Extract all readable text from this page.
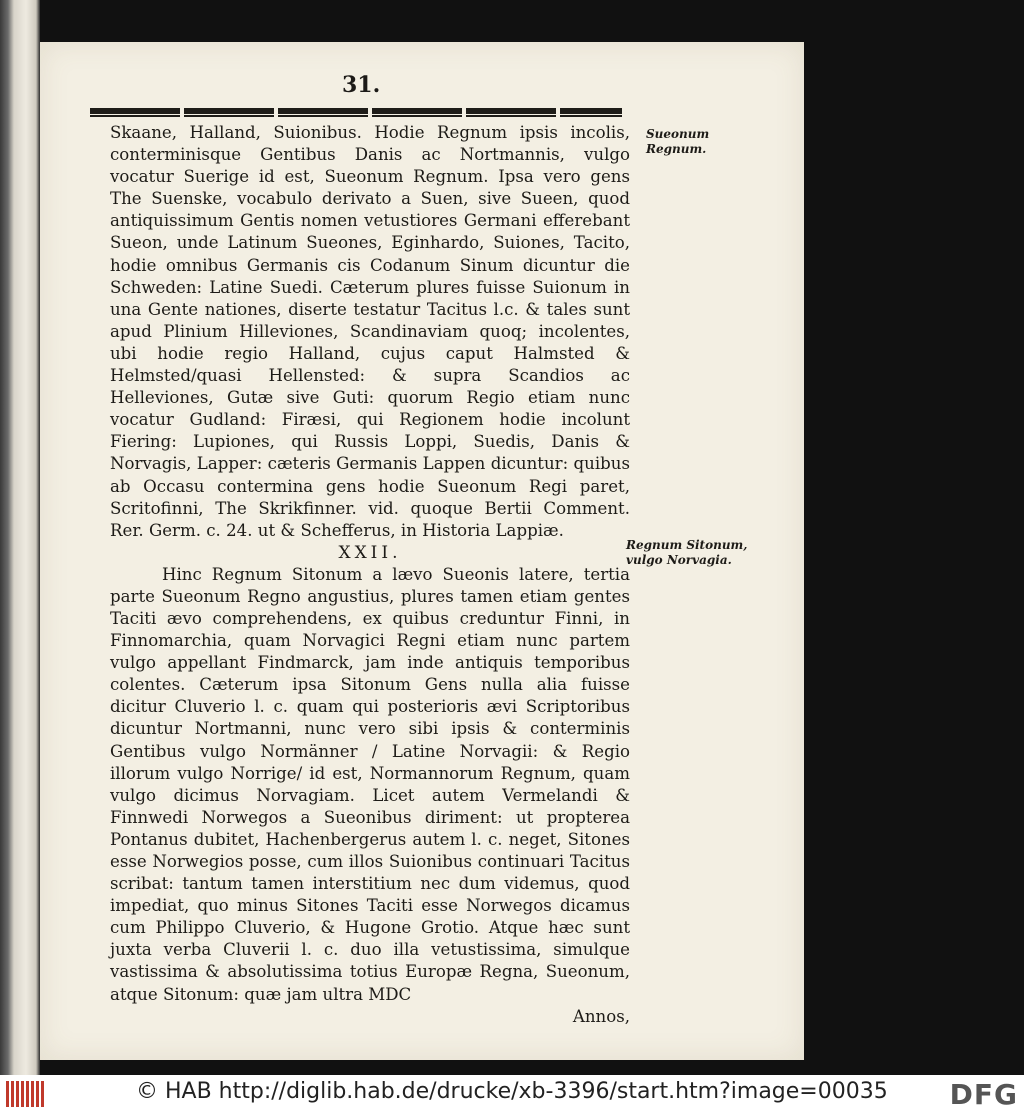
31.

Skaane, Halland, Suionibus. Hodie Regnum ipsis incolis, conterminisque Gentibus Danis ac Nortmannis, vulgo vocatur Suerige id est, Sueonum Regnum. Ipsa vero gens The Suenske, vocabulo derivato a Suen, sive Sueen, quod antiquissimum Gentis nomen vetustiores Germani efferebant Sueon, unde Latinum Sueones, Eginhardo, Suiones, Tacito, hodie omnibus Germanis cis Codanum Sinum dicuntur die Schweden: Latine Suedi. Cæterum plures fuisse Suionum in una Gente nationes, diserte testatur Tacitus l.c. & tales sunt apud Plinium Hilleviones, Scandinaviam quoq; incolentes, ubi hodie regio Halland, cujus caput Halmsted & Helmsted/quasi Hellensted: & supra Scandios ac Helleviones, Gutæ sive Guti: quorum Regio etiam nunc vocatur Gudland: Firæsi, qui Regionem hodie incolunt Fiering: Lupiones, qui Russis Loppi, Suedis, Danis & Norvagis, Lapper: cæteris Germanis Lappen dicuntur: quibus ab Occasu contermina gens hodie Sueonum Regi paret, Scritofinni, The Skrikfinner. vid. quoque Bertii Comment. Rer. Germ. c. 24. ut & Schefferus, in Historia Lappiæ.

XXII.

Hinc Regnum Sitonum a lævo Sueonis latere, tertia parte Sueonum Regno angustius, plures tamen etiam gentes Taciti ævo comprehendens, ex quibus creduntur Finni, in Finnomarchia, quam Norvagici Regni etiam nunc partem vulgo appellant Findmarck, jam inde antiquis temporibus colentes. Cæterum ipsa Sitonum Gens nulla alia fuisse dicitur Cluverio l. c. quam qui posterioris ævi Scriptoribus dicuntur Nortmanni, nunc vero sibi ipsis & conterminis Gentibus vulgo Normänner / Latine Norvagii: & Regio illorum vulgo Norrige/ id est, Normannorum Regnum, quam vulgo dicimus Norvagiam. Licet autem Vermelandi & Finnwedi Norwegos a Sueonibus diriment: ut propterea Pontanus dubitet, Hachenbergerus autem l. c. neget, Sitones esse Norwegios posse, cum illos Suionibus continuari Tacitus scribat: tantum tamen interstitium nec dum videmus, quod impediat, quo minus Sitones Taciti esse Norwegos dicamus cum Philippo Cluverio, & Hugone Grotio. Atque hæc sunt juxta verba Cluverii l. c. duo illa vetustissima, simulque vastissima & absolutissima totius Europæ Regna, Sueonum, atque Sitonum: quæ jam ultra MDC

Annos,

Sueonum Regnum.
Regnum Sitonum, vulgo Norvagia.
© HAB http://diglib.hab.de/drucke/xb-3396/start.htm?image=00035 DFG
